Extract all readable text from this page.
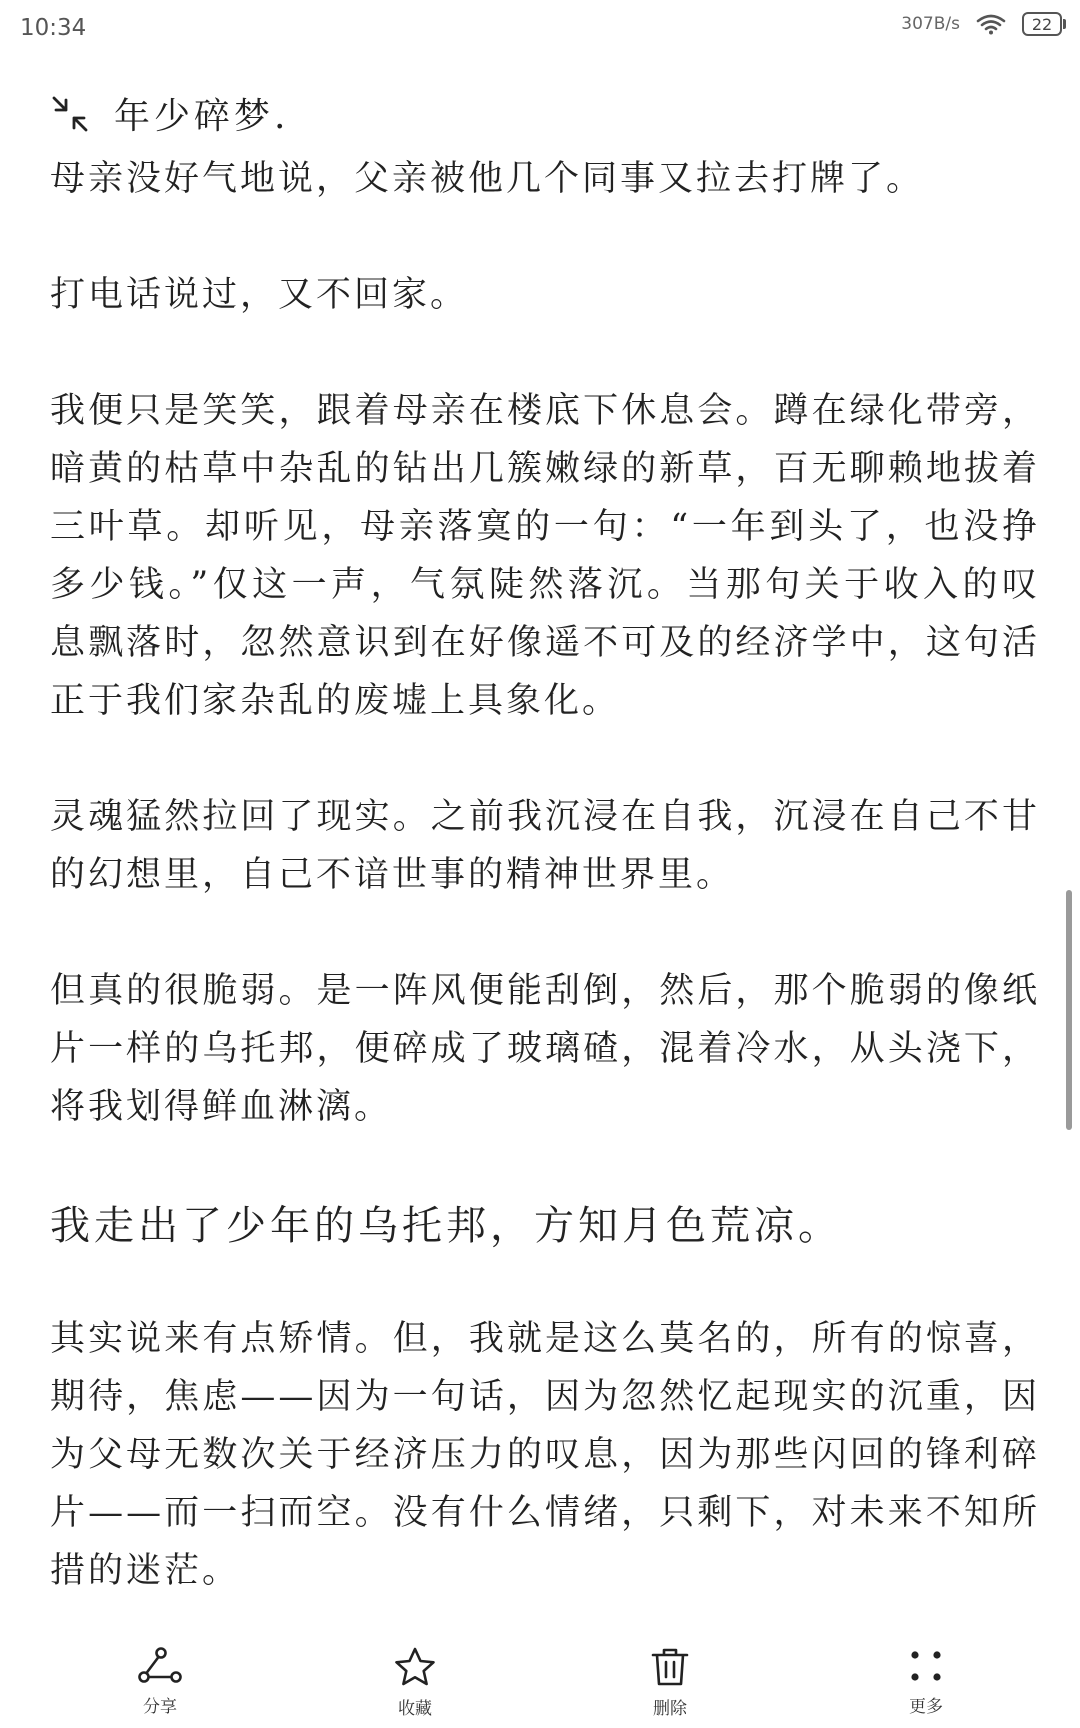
10:34	307B/s	22
年少碎梦.

母亲没好气地说，父亲被他几个同事又拉去打牌了。

打电话说过，又不回家。

我便只是笑笑，跟着母亲在楼底下休息会。蹲在绿化带旁，暗黄的枯草中杂乱的钻出几簇嫩绿的新草，百无聊赖地拔着三叶草。却听见，母亲落寞的一句：“一年到头了，也没挣多少钱。”仅这一声，气氛陡然落沉。当那句关于收入的叹息飘落时，忽然意识到在好像遥不可及的经济学中，这句活正于我们家杂乱的废墟上具象化。

灵魂猛然拉回了现实。之前我沉浸在自我，沉浸在自己不甘的幻想里，自己不谙世事的精神世界里。

但真的很脆弱。是一阵风便能刮倒，然后，那个脆弱的像纸片一样的乌托邦，便碎成了玻璃碴，混着冷水，从头浇下，将我划得鲜血淋漓。

我走出了少年的乌托邦，方知月色荒凉。

其实说来有点矫情。但，我就是这么莫名的，所有的惊喜，期待，焦虑——因为一句话，因为忽然忆起现实的沉重，因为父母无数次关于经济压力的叹息，因为那些闪回的锋利碎片——而一扫而空。没有什么情绪，只剩下，对未来不知所措的迷茫。

分享	收藏	删除	更多
